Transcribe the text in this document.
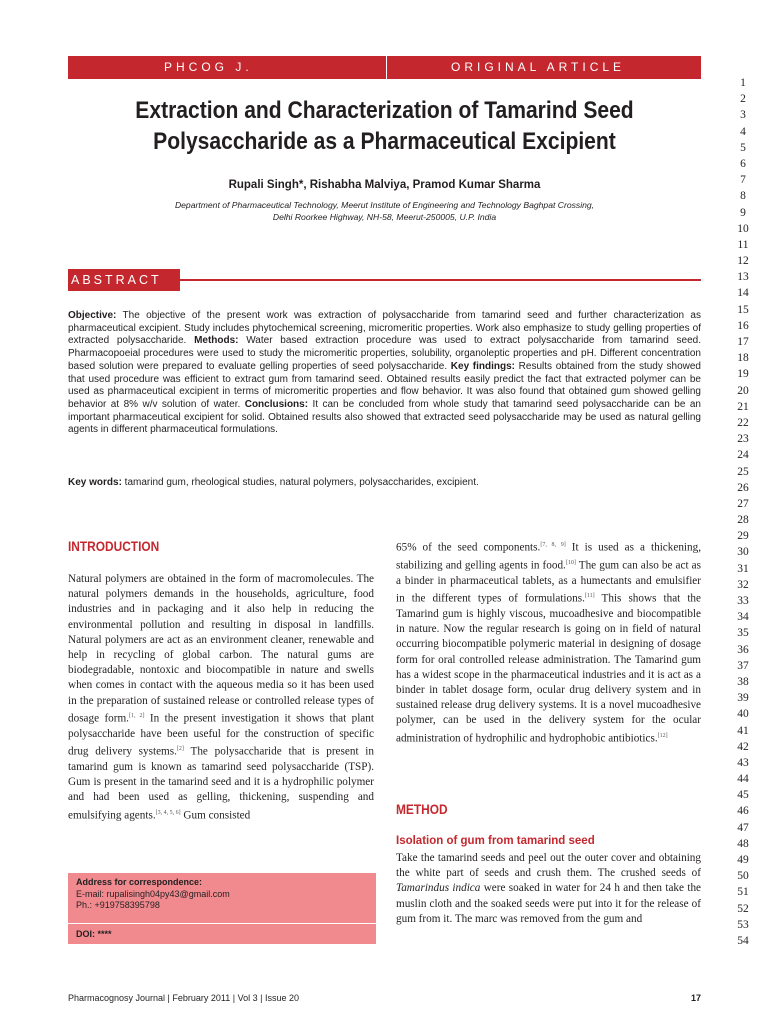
PHCOG J.	ORIGINAL ARTICLE
Extraction and Characterization of Tamarind Seed
Polysaccharide as a Pharmaceutical Excipient
Rupali Singh*, Rishabha Malviya, Pramod Kumar Sharma
Department of Pharmaceutical Technology, Meerut Institute of Engineering and Technology Baghpat Crossing,
Delhi Roorkee Highway, NH-58, Meerut-250005, U.P. India
ABSTRACT
Objective: The objective of the present work was extraction of polysaccharide from tamarind seed and further characterization as pharmaceutical excipient. Study includes phytochemical screening, micromeritic properties. Work also emphasize to study gelling properties of extracted polysaccharide. Methods: Water based extraction procedure was used to extract polysaccharide from tamarind seed. Pharmacopoeial procedures were used to study the micromeritic properties, solubility, organoleptic properties and pH. Different concentration based solution were prepared to evaluate gelling properties of seed polysaccharide. Key findings: Results obtained from the study showed that used procedure was efficient to extract gum from tamarind seed. Obtained results easily predict the fact that extracted polymer can be used as pharmaceutical excipient in terms of micromeritic properties and flow behavior. It was also found that obtained gum showed gelling behavior at 8% w/v solution of water. Conclusions: It can be concluded from whole study that tamarind seed polysaccharide can be an important pharmaceutical excipient for solid. Obtained results also showed that extracted seed polysaccharide may be used as natural gelling agents in different pharmaceutical formulations.
Key words: tamarind gum, rheological studies, natural polymers, polysaccharides, excipient.
1
2
3
4
5
6
7
8
9
10
11
12
13
14
15
16
17
18
19
20
21
22
23
24
25
26
27
28
29
30
31
32
33
34
35
36
37
38
39
40
41
42
43
44
45
46
47
48
49
50
51
52
53
54
INTRODUCTION
Natural polymers are obtained in the form of macromolecules. The natural polymers demands in the households, agriculture, food industries and in packaging and it also help in reducing the environmental pollution and resulting in disposal in landfills. Natural polymers are act as an environment cleaner, renewable and help in recycling of global carbon. The natural gums are biodegradable, nontoxic and biocompatible in nature and swells when comes in contact with the aqueous media so it has been used in the preparation of sustained release or controlled release types of dosage form.[1, 2] In the present investigation it shows that plant polysaccharide have been useful for the construction of specific drug delivery systems.[2] The polysaccharide that is present in tamarind gum is known as tamarind seed polysaccharide (TSP). Gum is present in the tamarind seed and it is a hydrophilic polymer and had been used as gelling, thickening, suspending and emulsifying agents.[3, 4, 5, 6] Gum consisted
65% of the seed components.[7, 8, 9] It is used as a thickening, stabilizing and gelling agents in food.[10] The gum can also be act as a binder in pharmaceutical tablets, as a humectants and emulsifier in the different types of formulations.[11] This shows that the Tamarind gum is highly viscous, mucoadhesive and biocompatible in nature. Now the regular research is going on in field of natural occurring biocompatible polymeric material in designing of dosage form for oral controlled release administration. The Tamarind gum has a widest scope in the pharmaceutical industries and it is act as a binder in tablet dosage form, ocular drug delivery system and in sustained release drug delivery systems. It is a novel mucoadhesive polymer, can be used in the delivery system for the ocular administration of hydrophilic and hydrophobic antibiotics.[12]
METHOD
Isolation of gum from tamarind seed
Take the tamarind seeds and peel out the outer cover and obtaining the white part of seeds and crush them. The crushed seeds of Tamarindus indica were soaked in water for 24 h and then take the muslin cloth and the soaked seeds were put into it for the release of gum from it. The marc was removed from the gum and
Address for correspondence:
E-mail: rupalisingh04py43@gmail.com
Ph.: +919758395798
DOI: ****
Pharmacognosy Journal | February 2011 | Vol 3 | Issue 20	17
